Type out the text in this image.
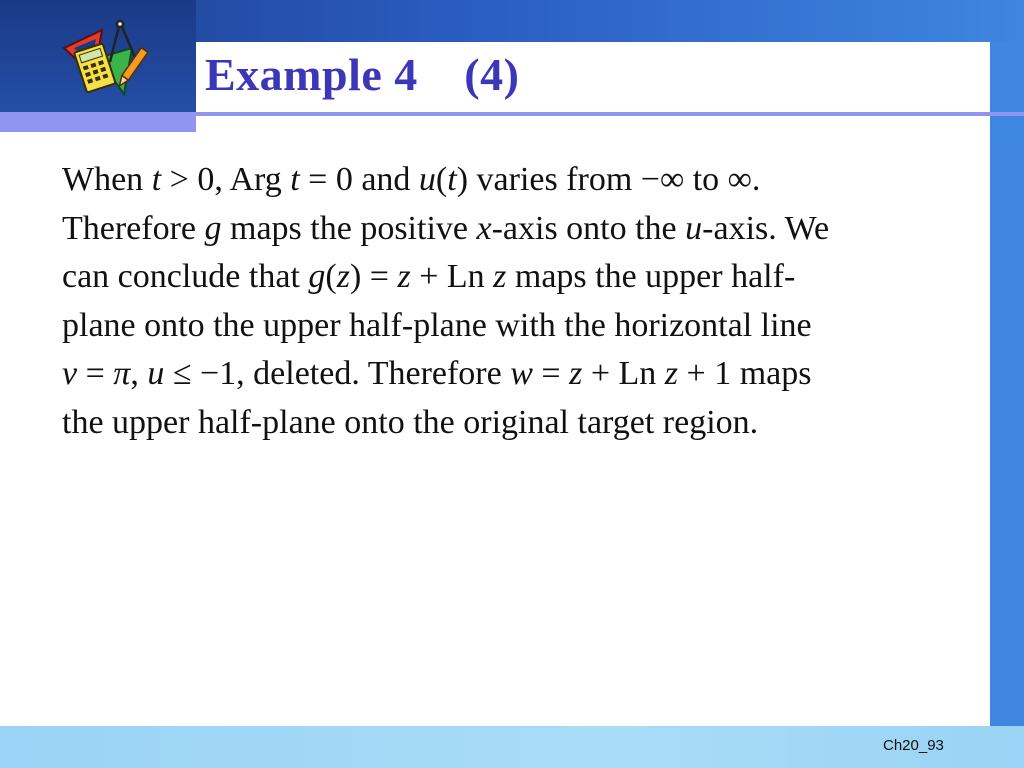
Example 4 (4)
When t > 0, Arg t = 0 and u(t) varies from −∞ to ∞.
Therefore g maps the positive x-axis onto the u-axis. We
can conclude that g(z) = z + Ln z maps the upper half-
plane onto the upper half-plane with the horizontal line
v = π, u ≤ −1, deleted. Therefore w = z + Ln z + 1 maps
the upper half-plane onto the original target region.
Ch20_93
